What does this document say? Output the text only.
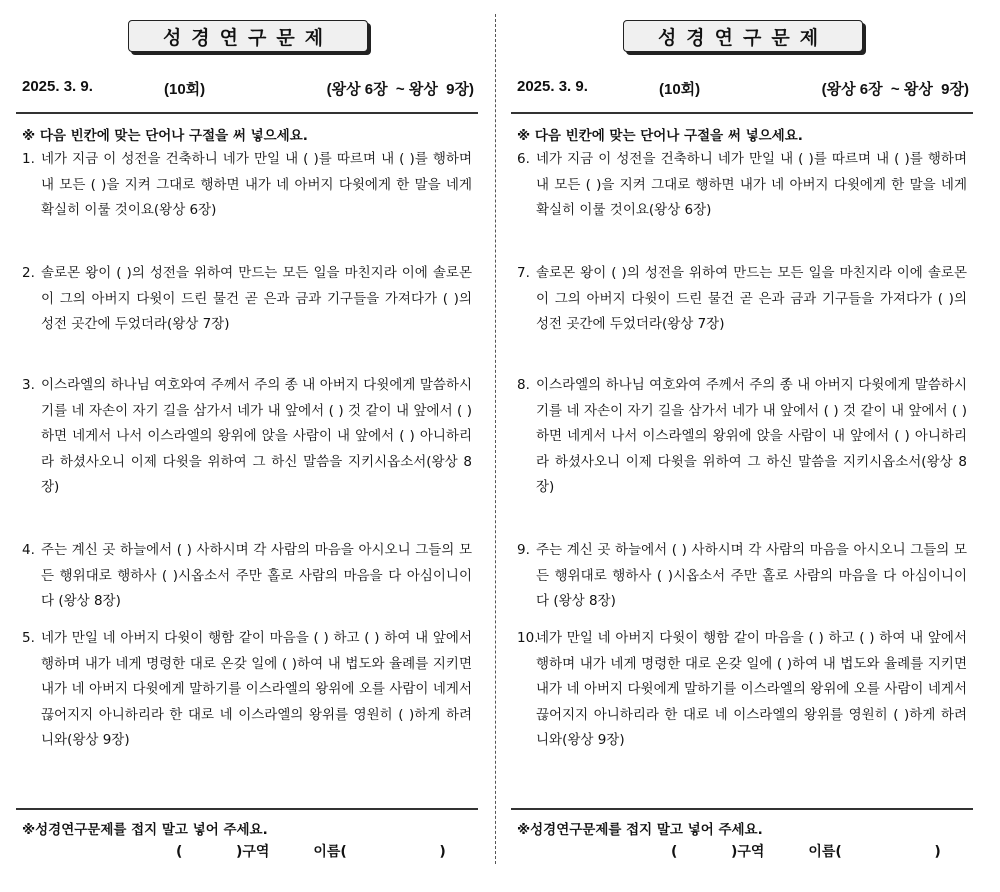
성경연구문제
2025. 3. 9.	(10회)	(왕상 6장  ~ 왕상  9장)
※ 다음 빈칸에 맞는 단어나 구절을 써 넣으세요.
1. 네가 지금 이 성전을 건축하니 네가 만일 내 ( )를 따르며 내 ( )를 행하며 내 모든 ( )을 지켜 그대로 행하면 내가 네 아버지 다윗에게 한 말을 네게 확실히 이룰 것이요(왕상 6장)
2. 솔로몬 왕이 ( )의 성전을 위하여 만드는 모든 일을 마친지라 이에 솔로몬이 그의 아버지 다윗이 드린 물건 곧 은과 금과 기구들을 가져다가 ( )의 성전 곳간에 두었더라(왕상 7장)
3. 이스라엘의 하나님 여호와여 주께서 주의 종 내 아버지 다윗에게 말씀하시기를 네 자손이 자기 길을 삼가서 네가 내 앞에서 ( ) 것 같이 내 앞에서 ( ) 하면 네게서 나서 이스라엘의 왕위에 앉을 사람이 내 앞에서 ( ) 아니하리라 하셨사오니 이제 다윗을 위하여 그 하신 말씀을 지키시옵소서(왕상 8장)
4. 주는 계신 곳 하늘에서 ( ) 사하시며 각 사람의 마음을 아시오니 그들의 모든 행위대로 행하사 ( )시옵소서 주만 홀로 사람의 마음을 다 아심이니이다 (왕상 8장)
5. 네가 만일 네 아버지 다윗이 행함 같이 마음을 ( ) 하고 ( ) 하여 내 앞에서 행하며 내가 네게 명령한 대로 온갖 일에 ( )하여 내 법도와 율례를 지키면 내가 네 아버지 다윗에게 말하기를 이스라엘의 왕위에 오를 사람이 네게서 끊어지지 아니하리라 한 대로 네 이스라엘의 왕위를 영원히 ( )하게 하려니와(왕상 9장)
※성경연구문제를 접지 말고 넣어 주세요.
(           )구역         이름(                   )
성경연구문제
2025. 3. 9.	(10회)	(왕상 6장  ~ 왕상  9장)
※ 다음 빈칸에 맞는 단어나 구절을 써 넣으세요.
6. 네가 지금 이 성전을 건축하니 네가 만일 내 ( )를 따르며 내 ( )를 행하며 내 모든 ( )을 지켜 그대로 행하면 내가 네 아버지 다윗에게 한 말을 네게 확실히 이룰 것이요(왕상 6장)
7. 솔로몬 왕이 ( )의 성전을 위하여 만드는 모든 일을 마친지라 이에 솔로몬이 그의 아버지 다윗이 드린 물건 곧 은과 금과 기구들을 가져다가 ( )의 성전 곳간에 두었더라(왕상 7장)
8. 이스라엘의 하나님 여호와여 주께서 주의 종 내 아버지 다윗에게 말씀하시기를 네 자손이 자기 길을 삼가서 네가 내 앞에서 ( ) 것 같이 내 앞에서 ( ) 하면 네게서 나서 이스라엘의 왕위에 앉을 사람이 내 앞에서 ( ) 아니하리라 하셨사오니 이제 다윗을 위하여 그 하신 말씀을 지키시옵소서(왕상 8장)
9. 주는 계신 곳 하늘에서 ( ) 사하시며 각 사람의 마음을 아시오니 그들의 모든 행위대로 행하사 ( )시옵소서 주만 홀로 사람의 마음을 다 아심이니이다 (왕상 8장)
10.네가 만일 네 아버지 다윗이 행함 같이 마음을 ( ) 하고 ( ) 하여 내 앞에서 행하며 내가 네게 명령한 대로 온갖 일에 ( )하여 내 법도와 율례를 지키면 내가 네 아버지 다윗에게 말하기를 이스라엘의 왕위에 오를 사람이 네게서 끊어지지 아니하리라 한 대로 네 이스라엘의 왕위를 영원히 ( )하게 하려니와(왕상 9장)
※성경연구문제를 접지 말고 넣어 주세요.
(           )구역         이름(                   )
